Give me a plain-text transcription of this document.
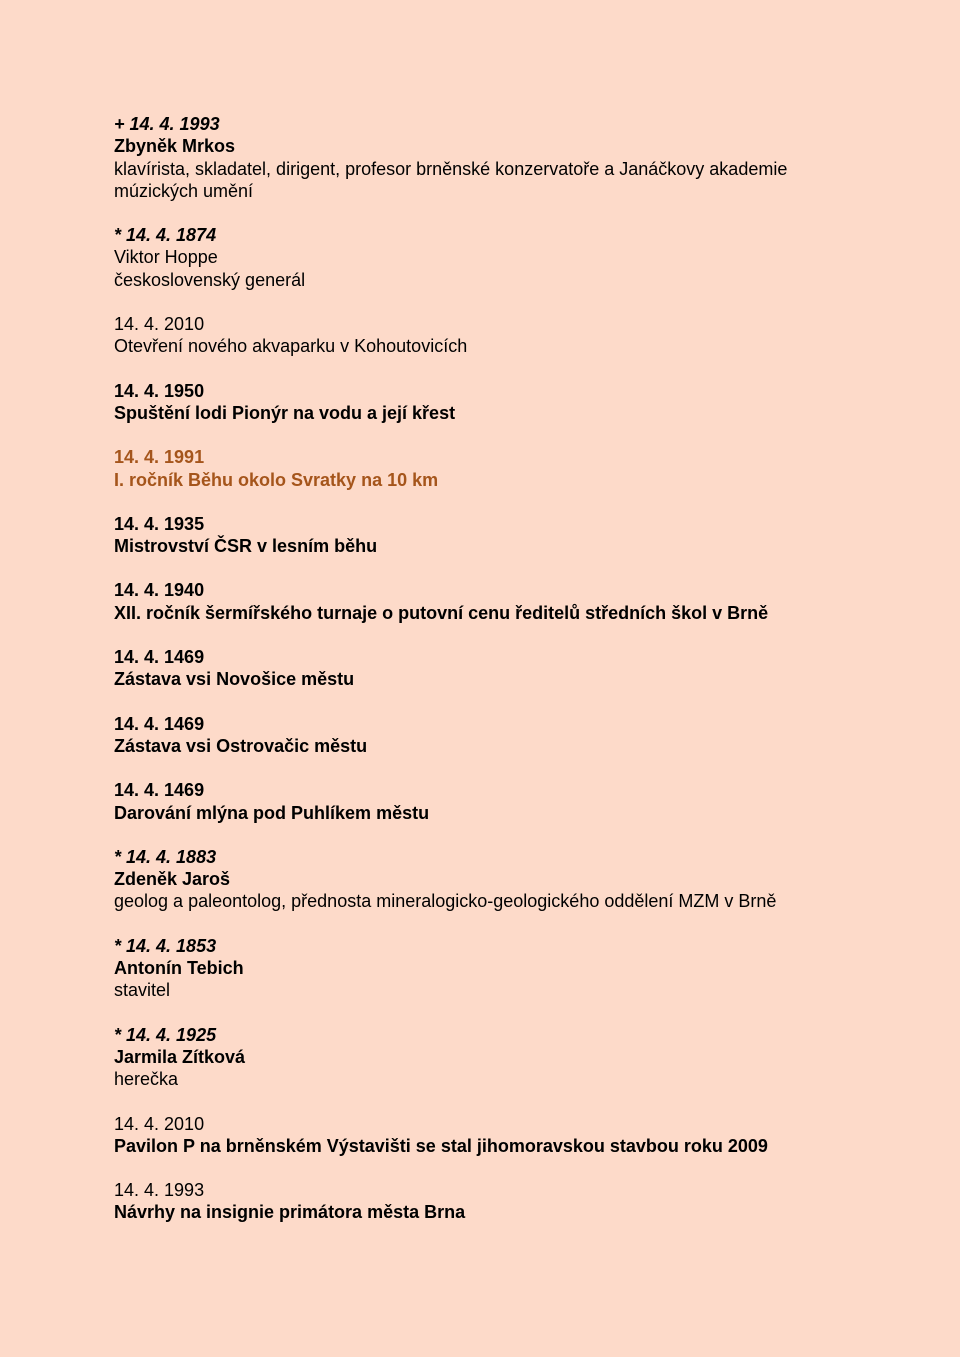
+ 14. 4. 1993
Zbyněk Mrkos
klavírista, skladatel, dirigent, profesor brněnské konzervatoře a Janáčkovy akademie múzických umění
* 14. 4. 1874
Viktor Hoppe
československý generál
14. 4. 2010
Otevření nového akvaparku v Kohoutovicích
14. 4. 1950
Spuštění lodi Pionýr na vodu a její křest
14. 4. 1991
I. ročník Běhu okolo Svratky na 10 km
14. 4. 1935
Mistrovství ČSR v lesním běhu
14. 4. 1940
XII. ročník šermířského turnaje o putovní cenu ředitelů středních škol v Brně
14. 4. 1469
Zástava vsi Novošice městu
14. 4. 1469
Zástava vsi Ostrovačic městu
14. 4. 1469
Darování mlýna pod Puhlíkem městu
* 14. 4. 1883
Zdeněk Jaroš
geolog a paleontolog, přednosta mineralogicko-geologického oddělení MZM v Brně
* 14. 4. 1853
Antonín Tebich
stavitel
* 14. 4. 1925
Jarmila Zítková
herečka
14. 4. 2010
Pavilon P na brněnském Výstavišti se stal jihomoravskou stavbou roku 2009
14. 4. 1993
Návrhy na insignie primátora města Brna
